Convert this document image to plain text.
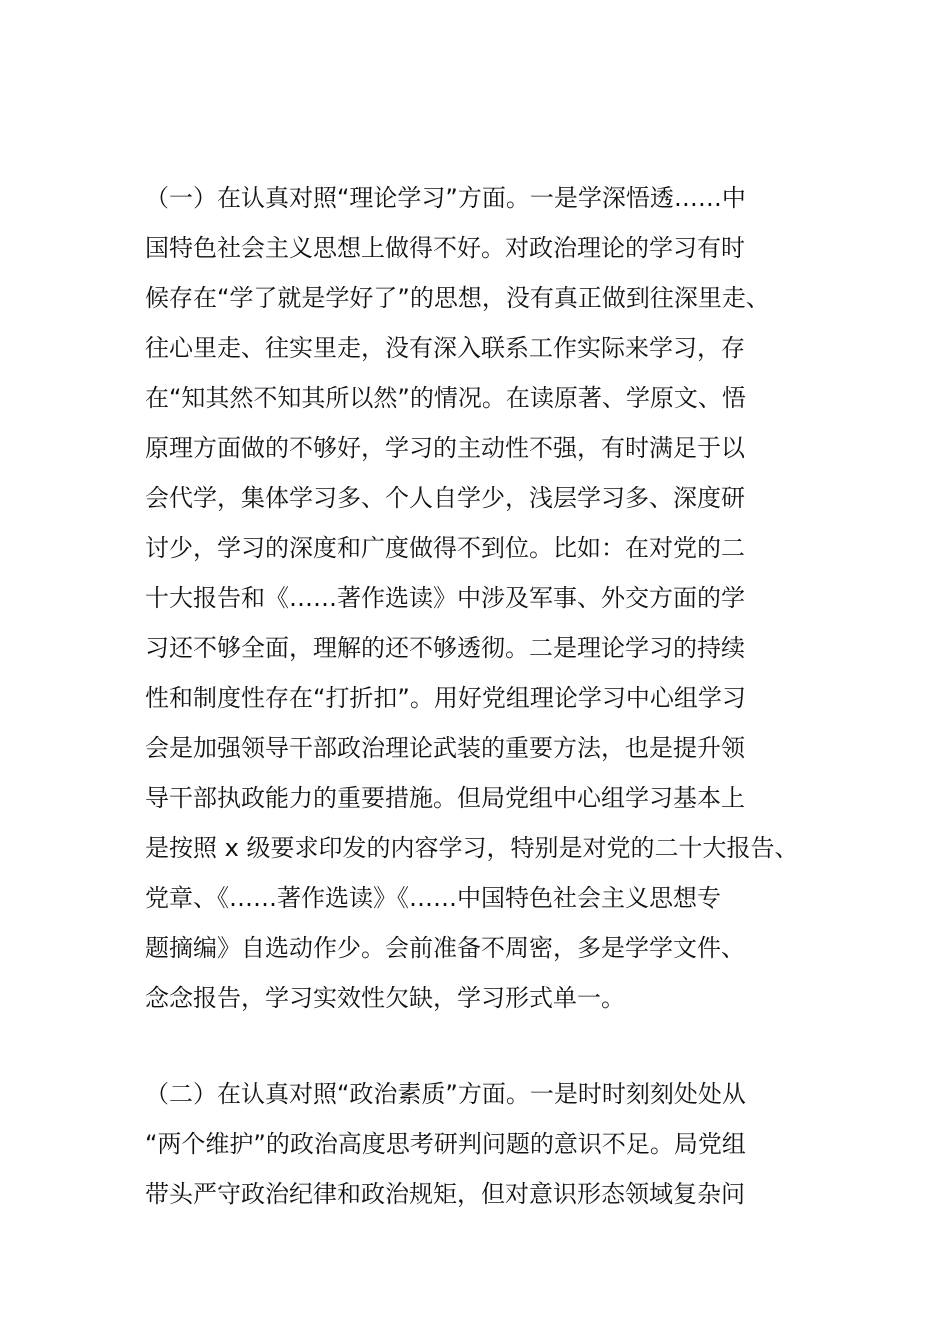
（一）在认真对照“理论学习”方面。一是学深悟透……中
国特色社会主义思想上做得不好。对政治理论的学习有时
候存在“学了就是学好了”的思想，没有真正做到往深里走、
往心里走、往实里走，没有深入联系工作实际来学习，存
在“知其然不知其所以然”的情况。在读原著、学原文、悟
原理方面做的不够好，学习的主动性不强，有时满足于以
会代学，集体学习多、个人自学少，浅层学习多、深度研
讨少，学习的深度和广度做得不到位。比如：在对党的二
十大报告和《……著作选读》中涉及军事、外交方面的学
习还不够全面，理解的还不够透彻。二是理论学习的持续
性和制度性存在“打折扣”。用好党组理论学习中心组学习
会是加强领导干部政治理论武装的重要方法，也是提升领
导干部执政能力的重要措施。但局党组中心组学习基本上
是按照 x 级要求印发的内容学习，特别是对党的二十大报告、
党章、《……著作选读》《……中国特色社会主义思想专
题摘编》自选动作少。会前准备不周密，多是学学文件、
念念报告，学习实效性欠缺，学习形式单一。
（二）在认真对照“政治素质”方面。一是时时刻刻处处从
“两个维护”的政治高度思考研判问题的意识不足。局党组
带头严守政治纪律和政治规矩，但对意识形态领域复杂问
